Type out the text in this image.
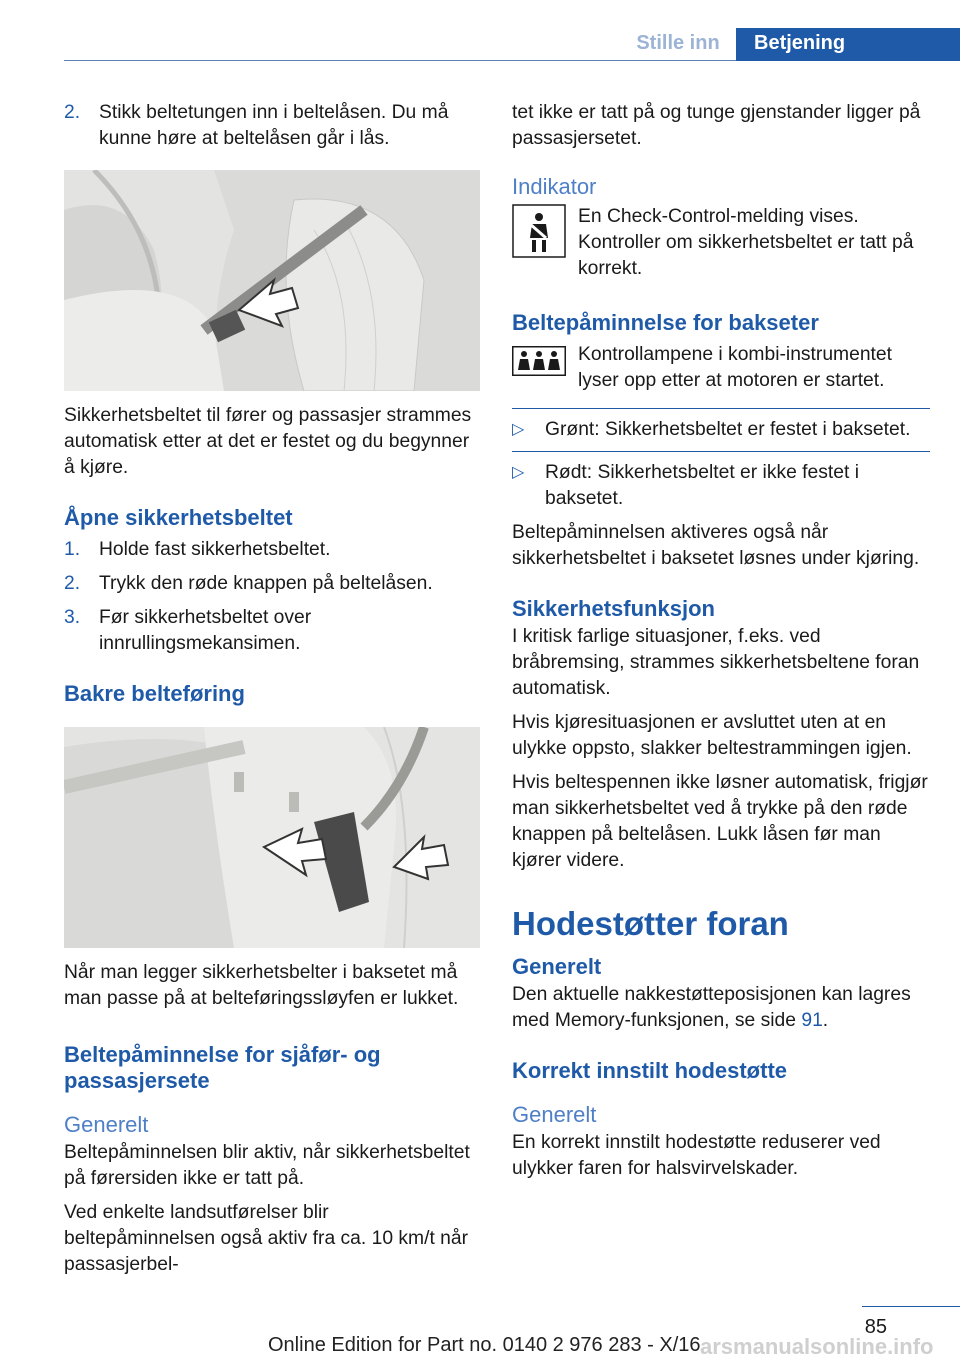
Stille inn	Betjening
2. Stikk beltetungen inn i beltelåsen. Du må kunne høre at beltelåsen går i lås.

Sikkerhetsbeltet til fører og passasjer strammes automatisk etter at det er festet og du begynner å kjøre.

Åpne sikkerhetsbeltet
1. Holde fast sikkerhetsbeltet.
2. Trykk den røde knappen på beltelåsen.
3. Før sikkerhetsbeltet over innrullingsmekansimen.
Bakre belteføring

Når man legger sikkerhetsbelter i baksetet må man passe på at belteføringssløyfen er lukket.

Beltepåminnelse for sjåfør- og passasjersete
Generelt

Beltepåminnelsen blir aktiv, når sikkerhetsbeltet på førersiden ikke er tatt på.

Ved enkelte landsutførelser blir beltepåminnelsen også aktiv fra ca. 10 km/t når passasjerbel-

tet ikke er tatt på og tunge gjenstander ligger på passasjersetet.

Indikator

En Check-Control-melding vises. Kontroller om sikkerhetsbeltet er tatt på korrekt.

Beltepåminnelse for bakseter

Kontrollampene i kombi-instrumentet lyser opp etter at motoren er startet.

▷	Grønt: Sikkerhetsbeltet er festet i baksetet.
▷	Rødt: Sikkerhetsbeltet er ikke festet i baksetet.

Beltepåminnelsen aktiveres også når sikkerhetsbeltet i baksetet løsnes under kjøring.

Sikkerhetsfunksjon

I kritisk farlige situasjoner, f.eks. ved bråbremsing, strammes sikkerhetsbeltene foran automatisk.

Hvis kjøresituasjonen er avsluttet uten at en ulykke oppsto, slakker beltestrammingen igjen.

Hvis beltespennen ikke løsner automatisk, frigjør man sikkerhetsbeltet ved å trykke på den røde knappen på beltelåsen. Lukk låsen før man kjører videre.

Hodestøtter foran
Generelt

Den aktuelle nakkestøtteposisjonen kan lagres med Memory-funksjonen, se side 91.

Korrekt innstilt hodestøtte
Generelt

En korrekt innstilt hodestøtte reduserer ved ulykker faren for halsvirvelskader.

85
Online Edition for Part no. 0140 2 976 283 - X/16 arsmanualsonline.info
